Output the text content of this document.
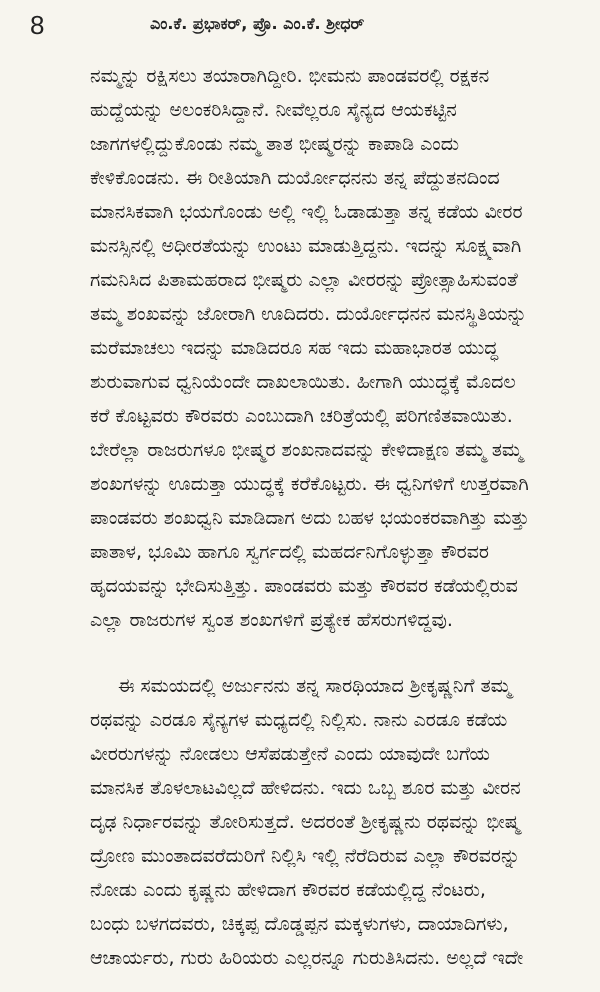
8	ಎಂ.ಕೆ. ಪ್ರಭಾಕರ್, ಪ್ರೊ. ಎಂ.ಕೆ. ಶ್ರೀಧರ್
ನಮ್ಮನ್ನು ರಕ್ಷಿಸಲು ತಯಾರಾಗಿದ್ದೀರಿ. ಭೀಮನು ಪಾಂಡವರಲ್ಲಿ ರಕ್ಷಕನ
ಹುದ್ದೆಯನ್ನು ಅಲಂಕರಿಸಿದ್ದಾನೆ. ನೀವೆಲ್ಲರೂ ಸೈನ್ಯದ ಆಯಕಟ್ಟಿನ
ಜಾಗಗಳಲ್ಲಿದ್ದುಕೊಂಡು ನಮ್ಮ ತಾತ ಭೀಷ್ಮರನ್ನು ಕಾಪಾಡಿ ಎಂದು
ಕೇಳಿಕೊಂಡನು. ಈ ರೀತಿಯಾಗಿ ದುರ್ಯೋಧನನು ತನ್ನ ಪೆದ್ದುತನದಿಂದ
ಮಾನಸಿಕವಾಗಿ ಭಯಗೊಂಡು ಅಲ್ಲಿ ಇಲ್ಲಿ ಓಡಾಡುತ್ತಾ ತನ್ನ ಕಡೆಯ ವೀರರ
ಮನಸ್ಸಿನಲ್ಲಿ ಅಧೀರತೆಯನ್ನು ಉಂಟು ಮಾಡುತ್ತಿದ್ದನು. ಇದನ್ನು ಸೂಕ್ಷ್ಮವಾಗಿ
ಗಮನಿಸಿದ ಪಿತಾಮಹರಾದ ಭೀಷ್ಮರು ಎಲ್ಲಾ ವೀರರನ್ನು ಪ್ರೋತ್ಸಾಹಿಸುವಂತೆ
ತಮ್ಮ ಶಂಖವನ್ನು ಜೋರಾಗಿ ಊದಿದರು. ದುರ್ಯೋಧನನ ಮನಸ್ಥಿತಿಯನ್ನು
ಮರೆಮಾಚಲು ಇದನ್ನು ಮಾಡಿದರೂ ಸಹ ಇದು ಮಹಾಭಾರತ ಯುದ್ಧ
ಶುರುವಾಗುವ ಧ್ವನಿಯೆಂದೇ ದಾಖಲಾಯಿತು. ಹೀಗಾಗಿ ಯುದ್ಧಕ್ಕೆ ಮೊದಲ
ಕರೆ ಕೊಟ್ಟವರು ಕೌರವರು ಎಂಬುದಾಗಿ ಚರಿತ್ರೆಯಲ್ಲಿ ಪರಿಗಣಿತವಾಯಿತು.
ಬೇರೆಲ್ಲಾ ರಾಜರುಗಳೂ ಭೀಷ್ಮರ ಶಂಖನಾದವನ್ನು ಕೇಳಿದಾಕ್ಷಣ ತಮ್ಮ ತಮ್ಮ
ಶಂಖಗಳನ್ನು ಊದುತ್ತಾ ಯುದ್ಧಕ್ಕೆ ಕರೆಕೊಟ್ಟರು. ಈ ಧ್ವನಿಗಳಿಗೆ ಉತ್ತರವಾಗಿ
ಪಾಂಡವರು ಶಂಖಧ್ವನಿ ಮಾಡಿದಾಗ ಅದು ಬಹಳ ಭಯಂಕರವಾಗಿತ್ತು ಮತ್ತು
ಪಾತಾಳ, ಭೂಮಿ ಹಾಗೂ ಸ್ವರ್ಗದಲ್ಲಿ ಮಹರ್ದನಿಗೊಳ್ಳುತ್ತಾ ಕೌರವರ
ಹೃದಯವನ್ನು ಭೇದಿಸುತ್ತಿತ್ತು. ಪಾಂಡವರು ಮತ್ತು ಕೌರವರ ಕಡೆಯಲ್ಲಿರುವ
ಎಲ್ಲಾ ರಾಜರುಗಳ ಸ್ವಂತ ಶಂಖಗಳಿಗೆ ಪ್ರತ್ಯೇಕ ಹೆಸರುಗಳಿದ್ದವು.
ಈ ಸಮಯದಲ್ಲಿ ಅರ್ಜುನನು ತನ್ನ ಸಾರಥಿಯಾದ ಶ್ರೀಕೃಷ್ಣನಿಗೆ ತಮ್ಮ
ರಥವನ್ನು ಎರಡೂ ಸೈನ್ಯಗಳ ಮಧ್ಯದಲ್ಲಿ ನಿಲ್ಲಿಸು. ನಾನು ಎರಡೂ ಕಡೆಯ
ವೀರರುಗಳನ್ನು ನೋಡಲು ಆಸೆಪಡುತ್ತೇನೆ ಎಂದು ಯಾವುದೇ ಬಗೆಯ
ಮಾನಸಿಕ ತೊಳಲಾಟವಿಲ್ಲದೆ ಹೇಳಿದನು. ಇದು ಒಬ್ಬ ಶೂರ ಮತ್ತು ವೀರನ
ದೃಢ ನಿರ್ಧಾರವನ್ನು ತೋರಿಸುತ್ತದೆ. ಅದರಂತೆ ಶ್ರೀಕೃಷ್ಣನು ರಥವನ್ನು ಭೀಷ್ಮ
ದ್ರೋಣ ಮುಂತಾದವರೆದುರಿಗೆ ನಿಲ್ಲಿಸಿ ಇಲ್ಲಿ ನೆರೆದಿರುವ ಎಲ್ಲಾ ಕೌರವರನ್ನು
ನೋಡು ಎಂದು ಕೃಷ್ಣನು ಹೇಳಿದಾಗ ಕೌರವರ ಕಡೆಯಲ್ಲಿದ್ದ ನೆಂಟರು,
ಬಂಧು ಬಳಗದವರು, ಚಿಕ್ಕಪ್ಪ ದೊಡ್ಡಪ್ಪನ ಮಕ್ಕಳುಗಳು, ದಾಯಾದಿಗಳು,
ಆಚಾರ್ಯರು, ಗುರು ಹಿರಿಯರು ಎಲ್ಲರನ್ನೂ ಗುರುತಿಸಿದನು. ಅಲ್ಲದೆ ಇದೇ
